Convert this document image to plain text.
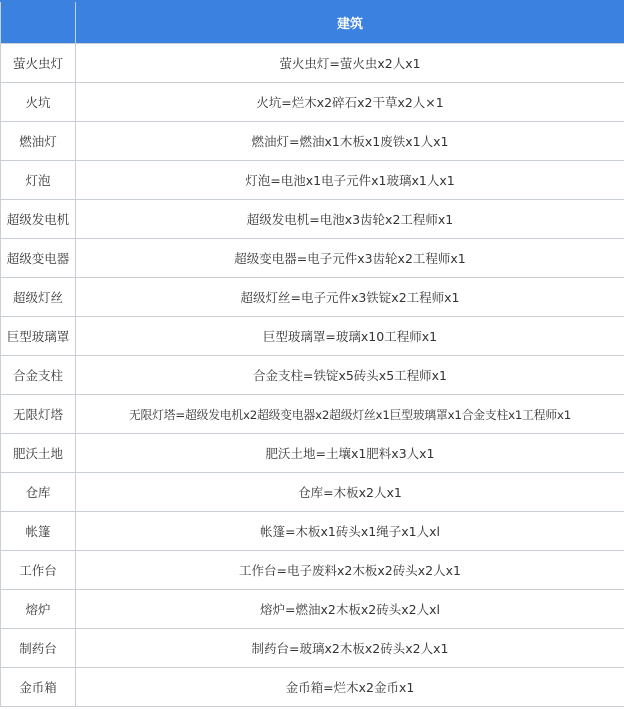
	建筑
萤火虫灯	萤火虫灯=萤火虫x2人x1
火坑	火坑=烂木x2碎石x2干草x2人×1
燃油灯	燃油灯=燃油x1木板x1废铁x1人x1
灯泡	灯泡=电池x1电子元件x1玻璃x1人x1
超级发电机	超级发电机=电池x3齿轮x2工程师x1
超级变电器	超级变电器=电子元件x3齿轮x2工程师x1
超级灯丝	超级灯丝=电子元件x3铁锭x2工程师x1
巨型玻璃罩	巨型玻璃罩=玻璃x10工程师x1
合金支柱	合金支柱=铁锭x5砖头x5工程师x1
无限灯塔	无限灯塔=超级发电机x2超级变电器x2超级灯丝x1巨型玻璃罩x1合金支柱x1工程师x1
肥沃土地	肥沃土地=土壤x1肥料x3人x1
仓库	仓库=木板x2人x1
帐篷	帐篷=木板x1砖头x1绳子x1人xl
工作台	工作台=电子废料x2木板x2砖头x2人x1
熔炉	熔炉=燃油x2木板x2砖头x2人xl
制药台	制药台=玻璃x2木板x2砖头x2人x1
金币箱	金币箱=烂木x2金币x1
